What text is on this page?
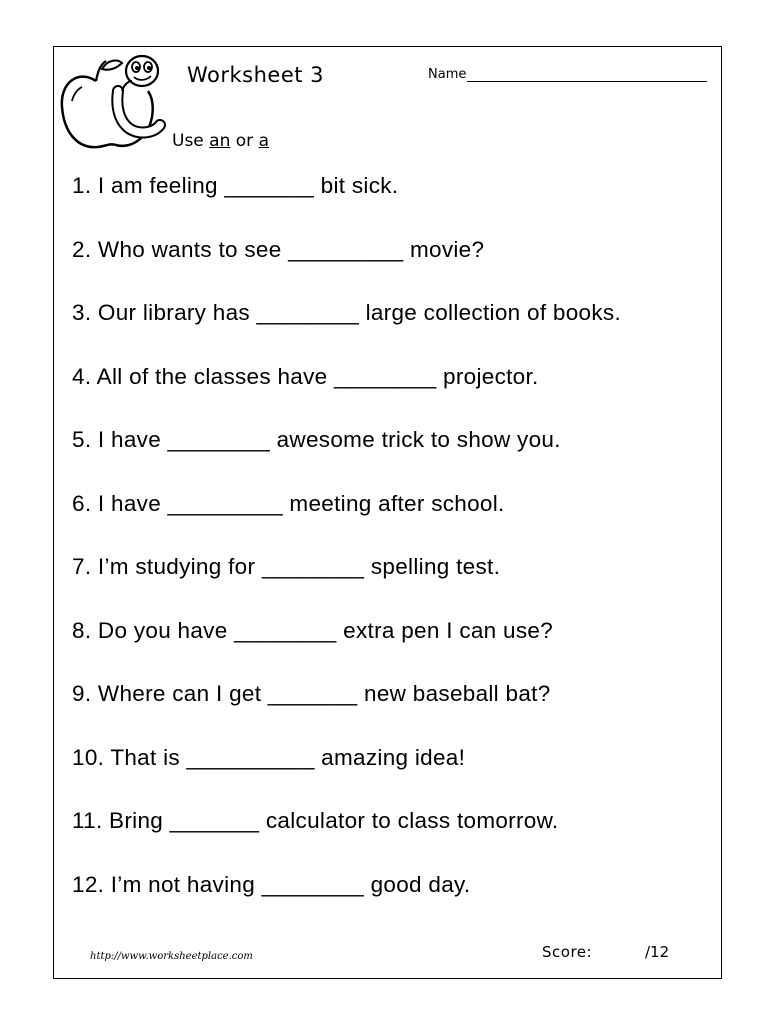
Worksheet 3	Name
Use an or a
1. I am feeling _______ bit sick.
2. Who wants to see _________ movie?
3. Our library has ________ large collection of books.
4. All of the classes have ________ projector.
5. I have ________ awesome trick to show you.
6. I have _________ meeting after school.
7. I’m studying for ________ spelling test.
8. Do you have ________ extra pen I can use?
9. Where can I get _______ new baseball bat?
10. That is __________ amazing idea!
11. Bring _______ calculator to class tomorrow.
12. I’m not having ________ good day.
http://www.worksheetplace.com	Score:	/12
